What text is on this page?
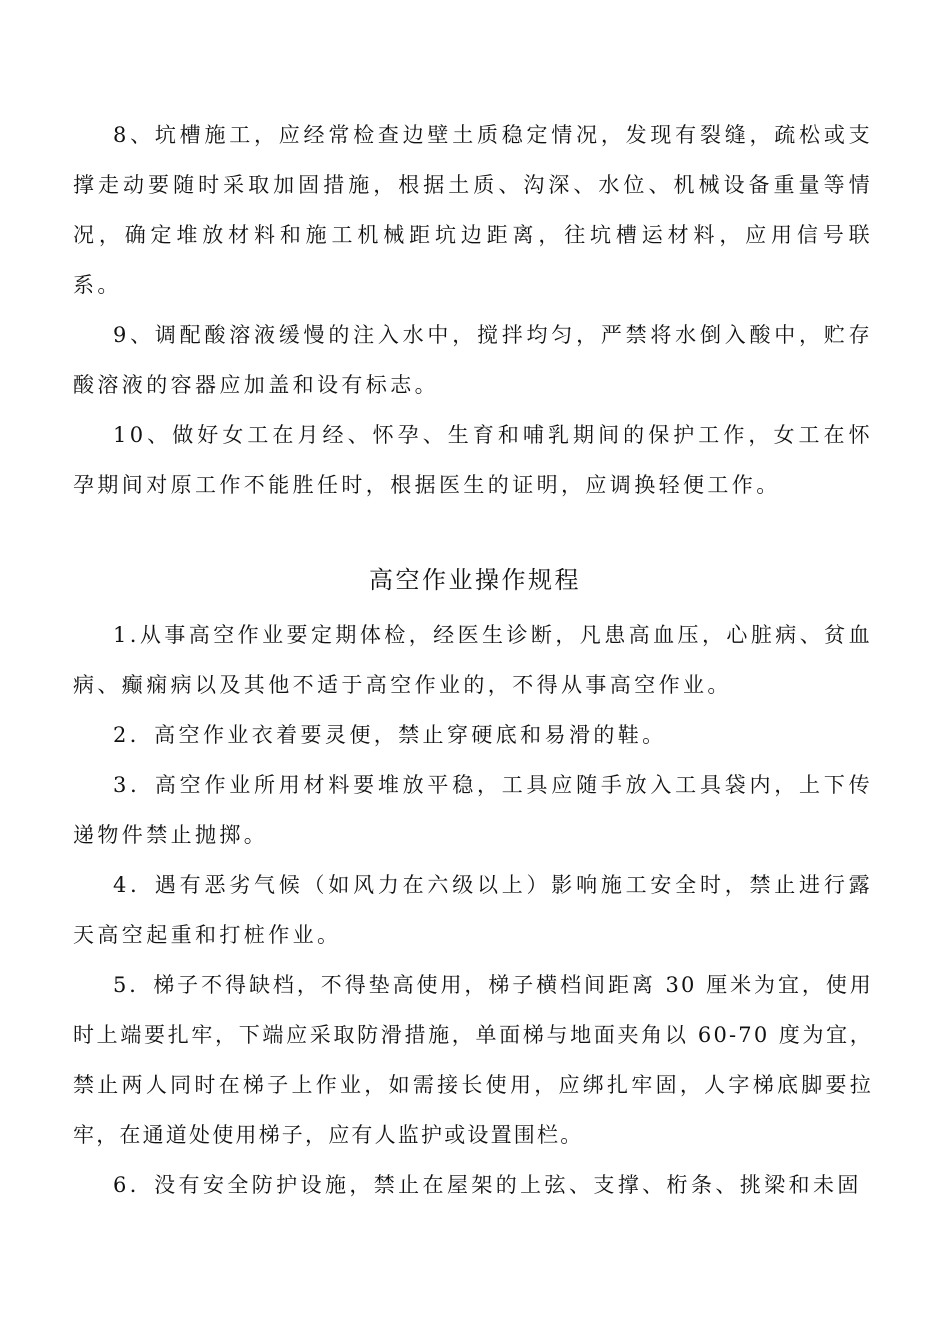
8、坑槽施工，应经常检查边壁土质稳定情况，发现有裂缝，疏松或支撑走动要随时采取加固措施，根据土质、沟深、水位、机械设备重量等情况，确定堆放材料和施工机械距坑边距离，往坑槽运材料，应用信号联系。

9、调配酸溶液缓慢的注入水中，搅拌均匀，严禁将水倒入酸中，贮存酸溶液的容器应加盖和设有标志。

10、做好女工在月经、怀孕、生育和哺乳期间的保护工作，女工在怀孕期间对原工作不能胜任时，根据医生的证明，应调换轻便工作。

高空作业操作规程

1.从事高空作业要定期体检，经医生诊断，凡患高血压，心脏病、贫血病、癫痫病以及其他不适于高空作业的，不得从事高空作业。

2．高空作业衣着要灵便，禁止穿硬底和易滑的鞋。

3．高空作业所用材料要堆放平稳，工具应随手放入工具袋内，上下传递物件禁止抛掷。

4．遇有恶劣气候（如风力在六级以上）影响施工安全时，禁止进行露天高空起重和打桩作业。

5．梯子不得缺档，不得垫高使用，梯子横档间距离 30 厘米为宜，使用时上端要扎牢，下端应采取防滑措施，单面梯与地面夹角以 60-70 度为宜，禁止两人同时在梯子上作业，如需接长使用，应绑扎牢固，人字梯底脚要拉牢，在通道处使用梯子，应有人监护或设置围栏。

6．没有安全防护设施，禁止在屋架的上弦、支撑、桁条、挑梁和未固
